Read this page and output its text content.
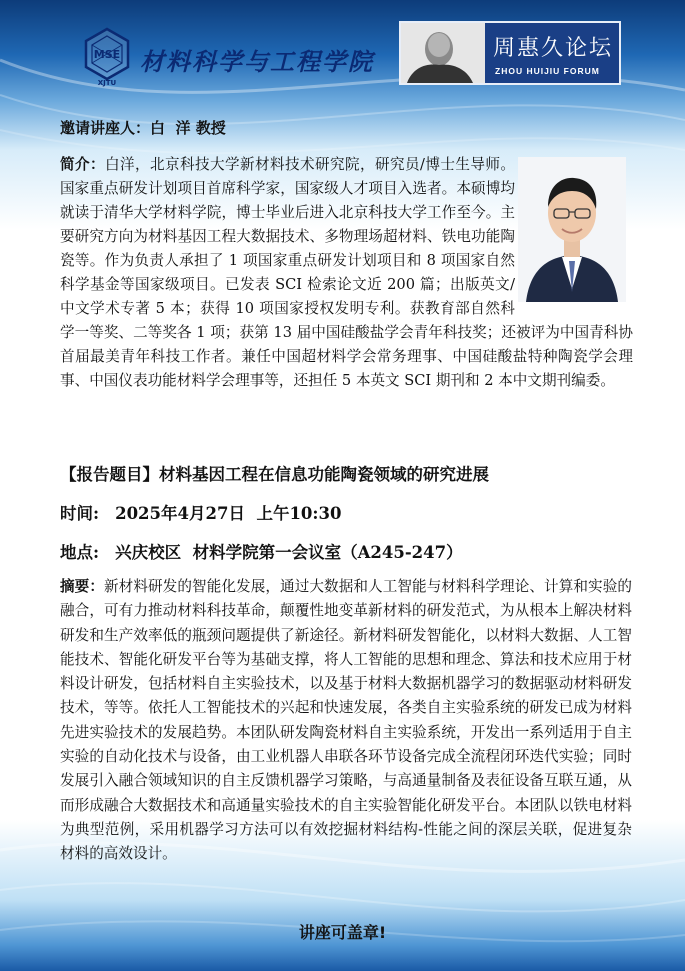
MSE
XJTU
材料科学与工程学院	周惠久论坛
ZHOU HUIJIU FORUM
邀请讲座人：白  洋 教授

简介：白洋，北京科技大学新材料技术研究院，研究员/博士生导师。国家重点研发计划项目首席科学家，国家级人才项目入选者。本硕博均就读于清华大学材料学院，博士毕业后进入北京科技大学工作至今。主要研究方向为材料基因工程大数据技术、多物理场超材料、铁电功能陶瓷等。作为负责人承担了 1 项国家重点研发计划项目和 8 项国家自然科学基金等国家级项目。已发表 SCI 检索论文近 200 篇；出版英文/中文学术专著 5 本；获得 10 项国家授权发明专利。获教育部自然科学一等奖、二等奖各 1 项；获第 13 届中国硅酸盐学会青年科技奖；还被评为中国青科协首届最美青年科技工作者。兼任中国超材料学会常务理事、中国硅酸盐特种陶瓷学会理事、中国仪表功能材料学会理事等，还担任 5 本英文 SCI 期刊和 2 本中文期刊编委。

【报告题目】材料基因工程在信息功能陶瓷领域的研究进展
时间: 2025年4月27日  上午10:30
地点: 兴庆校区  材料学院第一会议室（A245-247）

摘要：新材料研发的智能化发展，通过大数据和人工智能与材料科学理论、计算和实验的融合，可有力推动材料科技革命，颠覆性地变革新材料的研发范式，为从根本上解决材料研发和生产效率低的瓶颈问题提供了新途径。新材料研发智能化，以材料大数据、人工智能技术、智能化研发平台等为基础支撑，将人工智能的思想和理念、算法和技术应用于材料设计研发，包括材料自主实验技术，以及基于材料大数据机器学习的数据驱动材料研发技术，等等。依托人工智能技术的兴起和快速发展，各类自主实验系统的研发已成为材料先进实验技术的发展趋势。本团队研发陶瓷材料自主实验系统，开发出一系列适用于自主实验的自动化技术与设备，由工业机器人串联各环节设备完成全流程闭环迭代实验；同时发展引入融合领域知识的自主反馈机器学习策略，与高通量制备及表征设备互联互通，从而形成融合大数据技术和高通量实验技术的自主实验智能化研发平台。本团队以铁电材料为典型范例，采用机器学习方法可以有效挖掘材料结构-性能之间的深层关联，促进复杂材料的高效设计。

讲座可盖章!
